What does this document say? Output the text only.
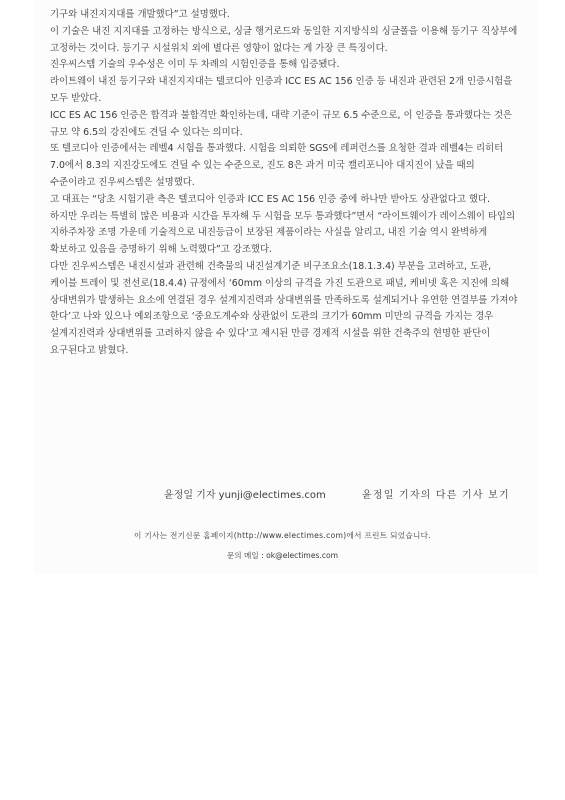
기구와 내진지지대를 개발했다”고 설명했다.

이 기술은 내진 지지대를 고정하는 방식으로, 싱글 행거로드와 동일한 지지방식의 싱글폴을 이용해 등기구 직상부에 고정하는 것이다. 등기구 시설위치 외에 별다른 영향이 없다는 게 가장 큰 특징이다.

진우씨스템 기술의 우수성은 이미 두 차례의 시험인증을 통해 입증됐다.

라이트웨이 내진 등기구와 내진지지대는 텔코디아 인증과 ICC ES AC 156 인증 등 내진과 관련된 2개 인증시험을 모두 받았다.

ICC ES AC 156 인증은 합격과 불합격만 확인하는데, 대략 기준이 규모 6.5 수준으로, 이 인증을 통과했다는 것은 규모 약 6.5의 강진에도 견딜 수 있다는 의미다.

또 텔코디아 인증에서는 레벨4 시험을 통과했다. 시험을 의뢰한 SGS에 레퍼런스를 요청한 결과 레벨4는 리히터 7.0에서 8.3의 지진강도에도 견딜 수 있는 수준으로, 진도 8은 과거 미국 캘리포니아 대지진이 났을 때의 수준이라고 진우씨스템은 설명했다.

고 대표는 “당초 시험기관 측은 텔코디아 인증과 ICC ES AC 156 인증 중에 하나만 받아도 상관없다고 했다. 하지만 우리는 특별히 많은 비용과 시간을 투자해 두 시험을 모두 통과했다”면서 “라이트웨이가 레이스웨이 타입의 지하주차장 조명 가운데 기술적으로 내진등급이 보장된 제품이라는 사실을 알리고, 내진 기술 역시 완벽하게 확보하고 있음을 증명하기 위해 노력했다”고 강조했다.

다만 진우씨스템은 내진시설과 관련해 건축물의 내진설계기준 비구조요소(18.1.3.4) 부분을 고려하고, 도관, 케이블 트레이 및 전선로(18.4.4) 규정에서 ‘60mm 이상의 규격을 가진 도관으로 패널, 케비넷 혹은 지진에 의해 상대변위가 발생하는 요소에 연결된 경우 설계지진력과 상대변위를 만족하도록 설계되거나 유연한 연결부를 가져야 한다’고 나와 있으나 예외조항으로 ‘중요도계수와 상관없이 도관의 크기가 60mm 미만의 규격을 가지는 경우 설계지진력과 상대변위를 고려하지 않을 수 있다’고 제시된 만큼 경제적 시설을 위한 건축주의 현명한 판단이 요구된다고 밝혔다.

윤정일 기자 yunji@electimes.com	윤정일 기자의 다른 기사 보기
이 기사는 전기신문 홈페이지(http://www.electimes.com)에서 프린트 되었습니다.
문의 메일 : ok@electimes.com
